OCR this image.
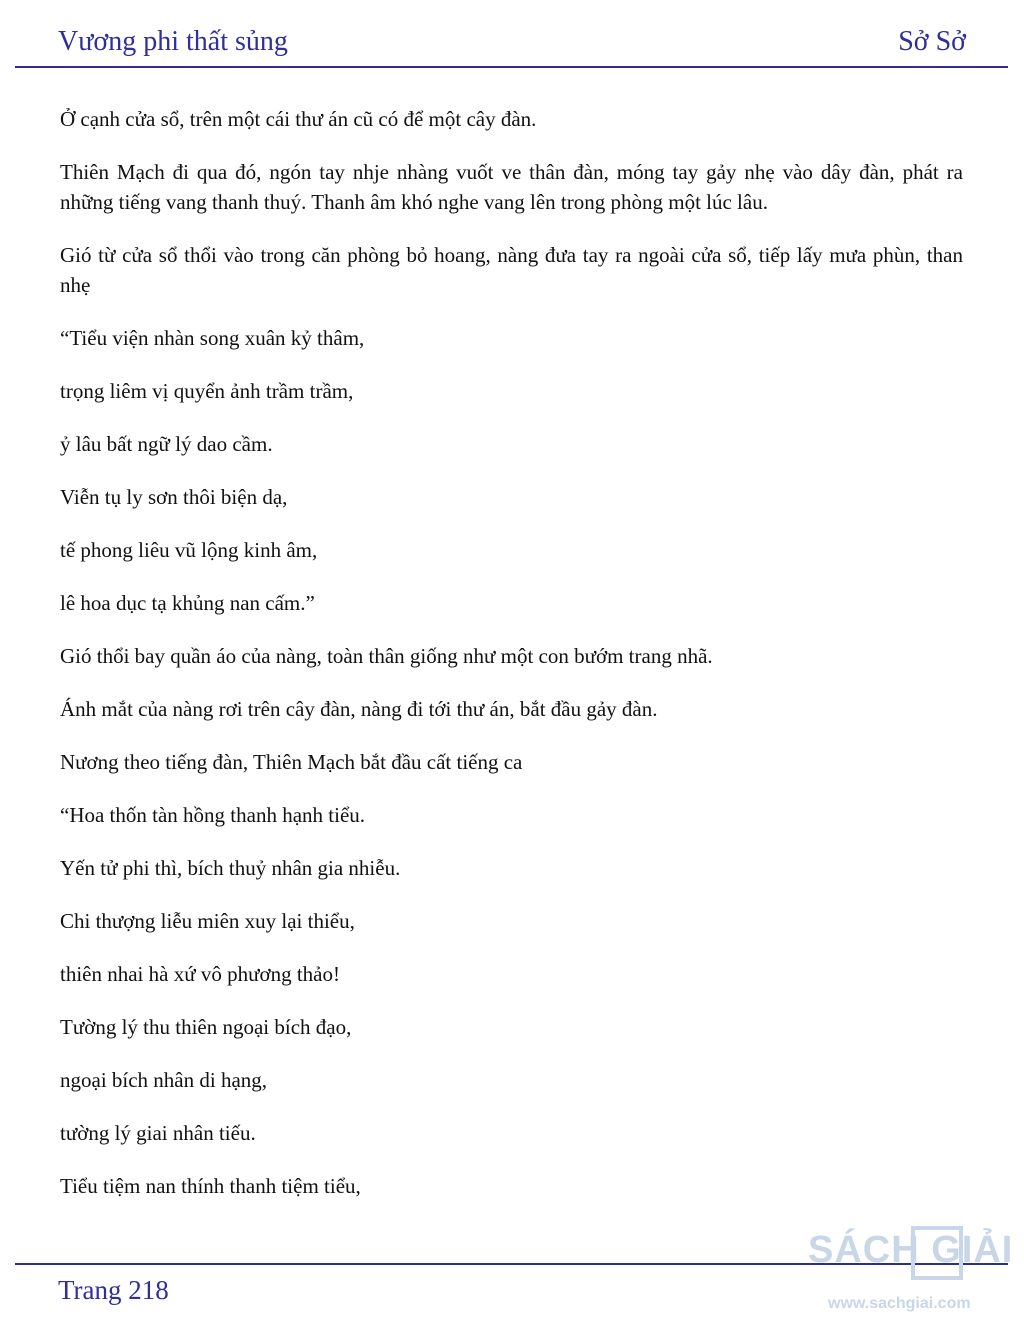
Vương phi thất sủng	Sở Sở

Ở cạnh cửa sổ, trên một cái thư án cũ có để một cây đàn.

Thiên Mạch đi qua đó, ngón tay nhje nhàng vuốt ve thân đàn, móng tay gảy nhẹ vào dây đàn, phát ra những tiếng vang thanh thuý. Thanh âm khó nghe vang lên trong phòng một lúc lâu.

Gió từ cửa sổ thổi vào trong căn phòng bỏ hoang, nàng đưa tay ra ngoài cửa sổ, tiếp lấy mưa phùn, than nhẹ

“Tiểu viện nhàn song xuân kỷ thâm,

trọng liêm vị quyển ảnh trầm trầm,

ỷ lâu bất ngữ lý dao cầm.

Viễn tụ ly sơn thôi biện dạ,

tế phong liêu vũ lộng kinh âm,

lê hoa dục tạ khủng nan cấm.”

Gió thổi bay quần áo của nàng, toàn thân giống như một con bướm trang nhã.

Ánh mắt của nàng rơi trên cây đàn, nàng đi tới thư án, bắt đầu gảy đàn.

Nương theo tiếng đàn, Thiên Mạch bắt đầu cất tiếng ca

“Hoa thốn tàn hồng thanh hạnh tiểu.

Yến tử phi thì, bích thuỷ nhân gia nhiễu.

Chi thượng liễu miên xuy lại thiểu,

thiên nhai hà xứ vô phương thảo!

Tường lý thu thiên ngoại bích đạo,

ngoại bích nhân di hạng,

tường lý giai nhân tiếu.

Tiểu tiệm nan thính thanh tiệm tiểu,

Trang 218
SÁCH GIẢI
www.sachgiai.com
